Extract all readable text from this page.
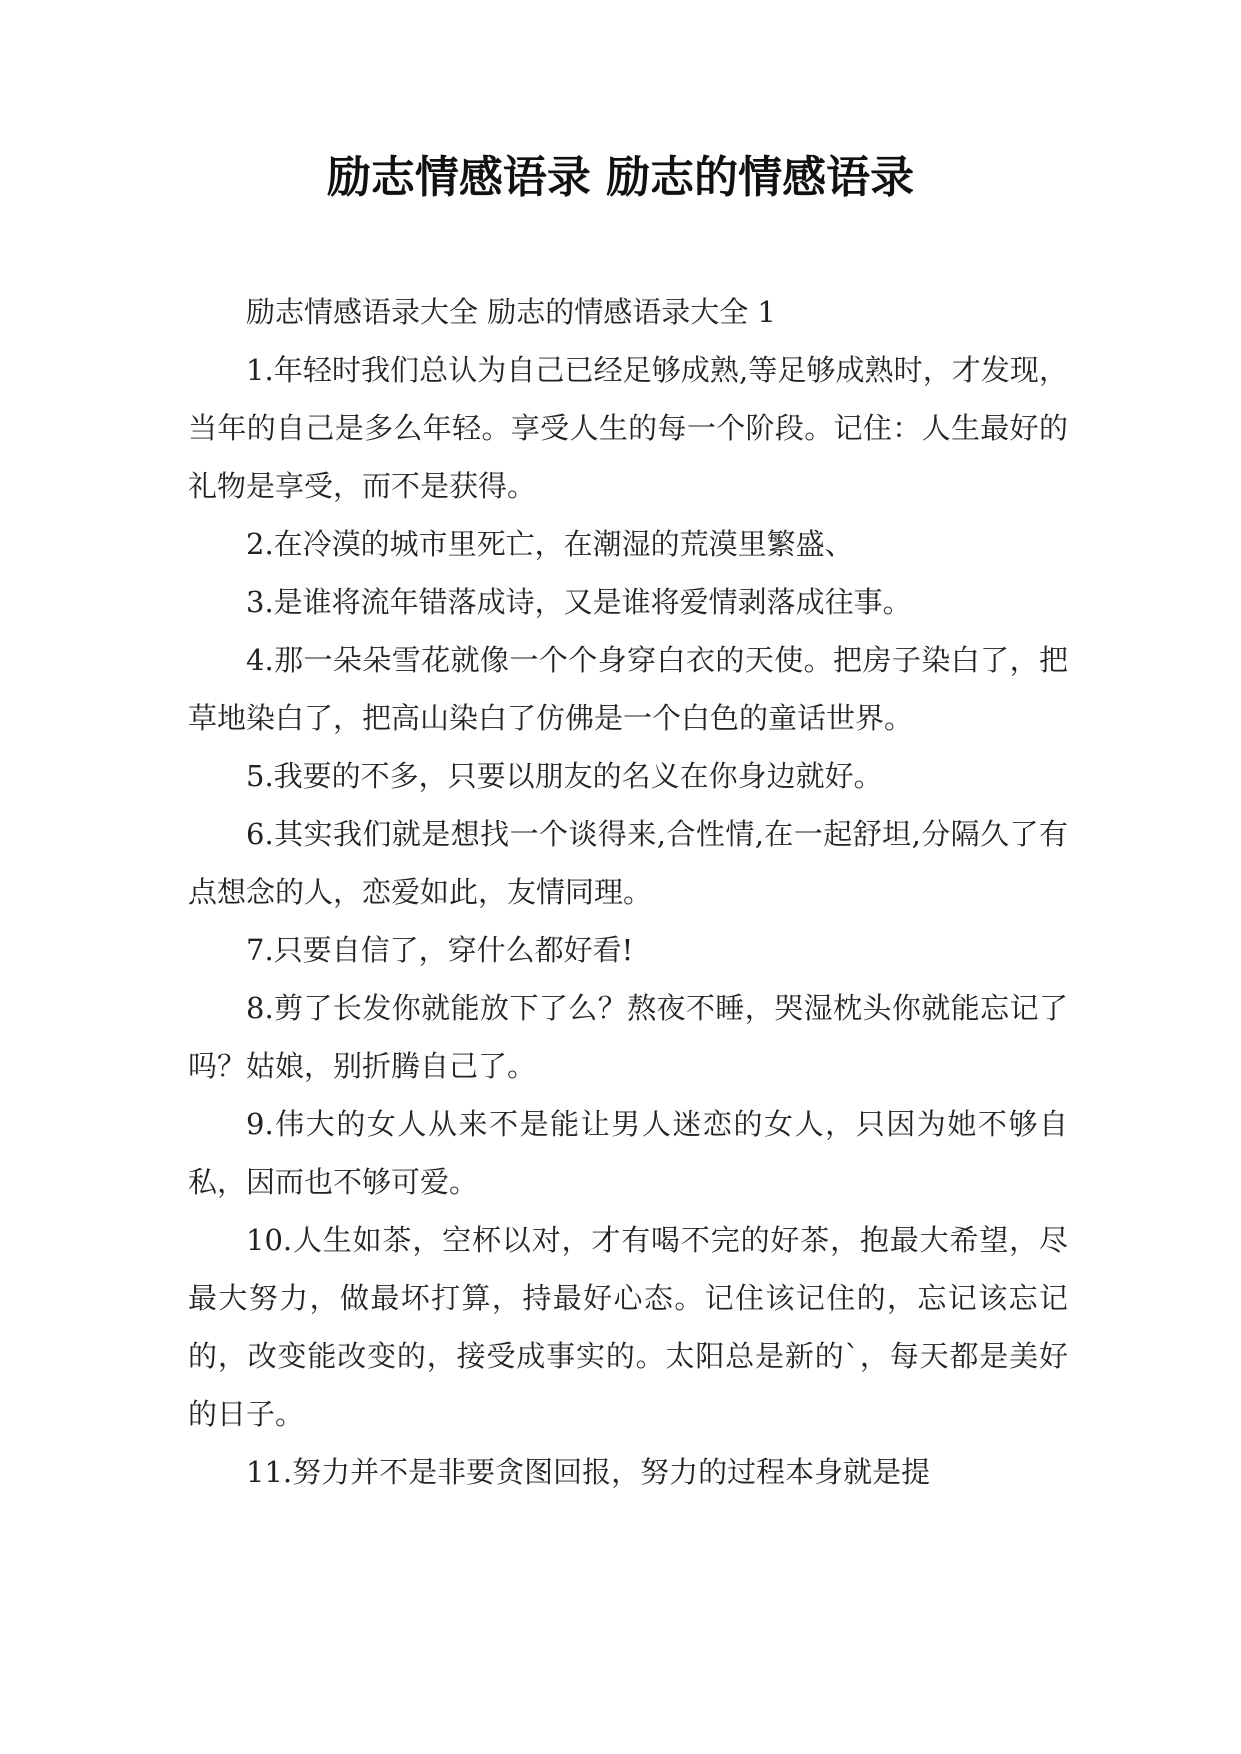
励志情感语录 励志的情感语录

励志情感语录大全 励志的情感语录大全 1

1.年轻时我们总认为自己已经足够成熟,等足够成熟时，才发现，当年的自己是多么年轻。享受人生的每一个阶段。记住：人生最好的礼物是享受，而不是获得。

2.在冷漠的城市里死亡，在潮湿的荒漠里繁盛、

3.是谁将流年错落成诗，又是谁将爱情剥落成往事。

4.那一朵朵雪花就像一个个身穿白衣的天使。把房子染白了，把草地染白了，把高山染白了仿佛是一个白色的童话世界。

5.我要的不多，只要以朋友的名义在你身边就好。

6.其实我们就是想找一个谈得来,合性情,在一起舒坦,分隔久了有点想念的人，恋爱如此，友情同理。

7.只要自信了，穿什么都好看!

8.剪了长发你就能放下了么？熬夜不睡，哭湿枕头你就能忘记了吗？姑娘，别折腾自己了。

9.伟大的女人从来不是能让男人迷恋的女人，只因为她不够自私，因而也不够可爱。

10.人生如茶，空杯以对，才有喝不完的好茶，抱最大希望，尽最大努力，做最坏打算，持最好心态。记住该记住的，忘记该忘记的，改变能改变的，接受成事实的。太阳总是新的`，每天都是美好的日子。

11.努力并不是非要贪图回报，努力的过程本身就是提
